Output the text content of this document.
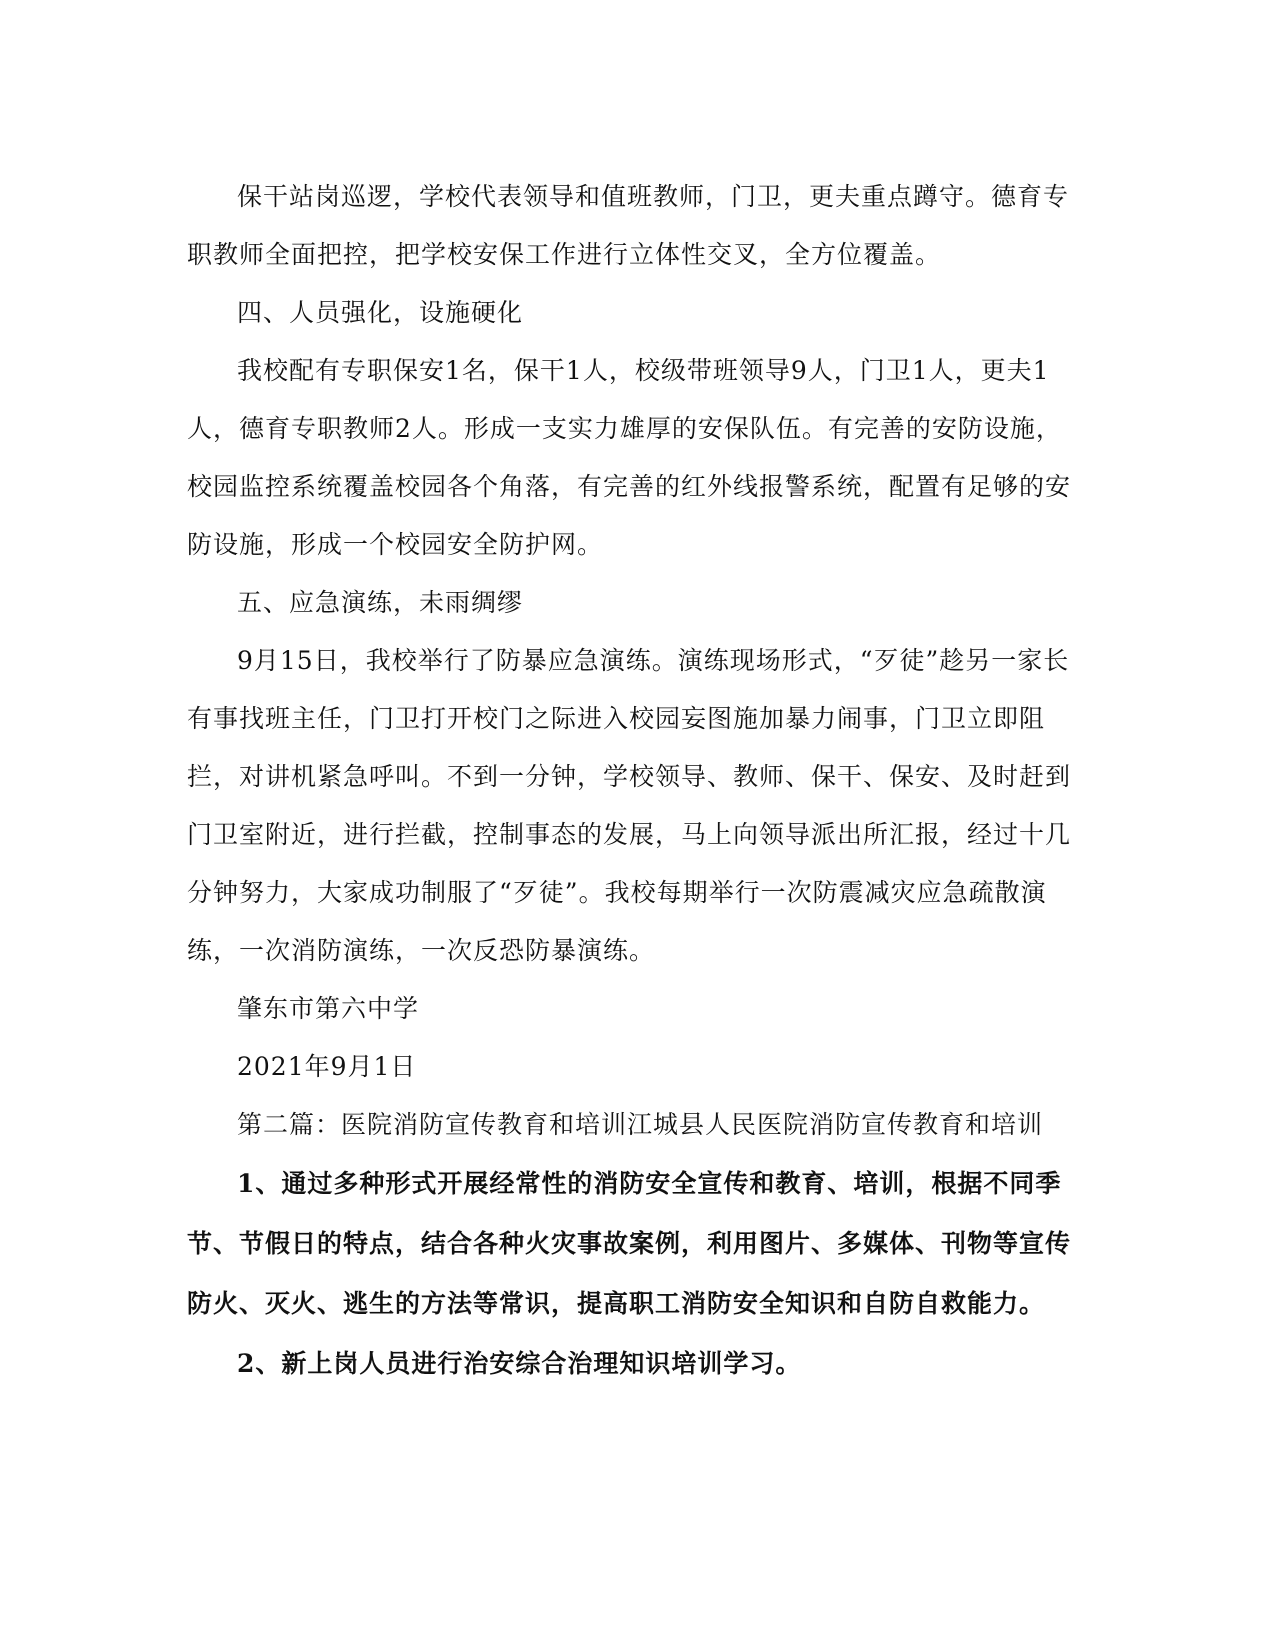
保干站岗巡逻，学校代表领导和值班教师，门卫，更夫重点蹲守。德育专职教师全面把控，把学校安保工作进行立体性交叉，全方位覆盖。

四、人员强化，设施硬化

我校配有专职保安1名，保干1人，校级带班领导9人，门卫1人，更夫1人，德育专职教师2人。形成一支实力雄厚的安保队伍。有完善的安防设施，校园监控系统覆盖校园各个角落，有完善的红外线报警系统，配置有足够的安防设施，形成一个校园安全防护网。

五、应急演练，未雨绸缪

9月15日，我校举行了防暴应急演练。演练现场形式，“歹徒”趁另一家长有事找班主任，门卫打开校门之际进入校园妄图施加暴力闹事，门卫立即阻拦，对讲机紧急呼叫。不到一分钟，学校领导、教师、保干、保安、及时赶到门卫室附近，进行拦截，控制事态的发展，马上向领导派出所汇报，经过十几分钟努力，大家成功制服了“歹徒”。我校每期举行一次防震减灾应急疏散演练，一次消防演练，一次反恐防暴演练。

肇东市第六中学

2021年9月1日

第二篇：医院消防宣传教育和培训江城县人民医院消防宣传教育和培训

1、通过多种形式开展经常性的消防安全宣传和教育、培训，根据不同季节、节假日的特点，结合各种火灾事故案例，利用图片、多媒体、刊物等宣传防火、灭火、逃生的方法等常识，提高职工消防安全知识和自防自救能力。

2、新上岗人员进行治安综合治理知识培训学习。
